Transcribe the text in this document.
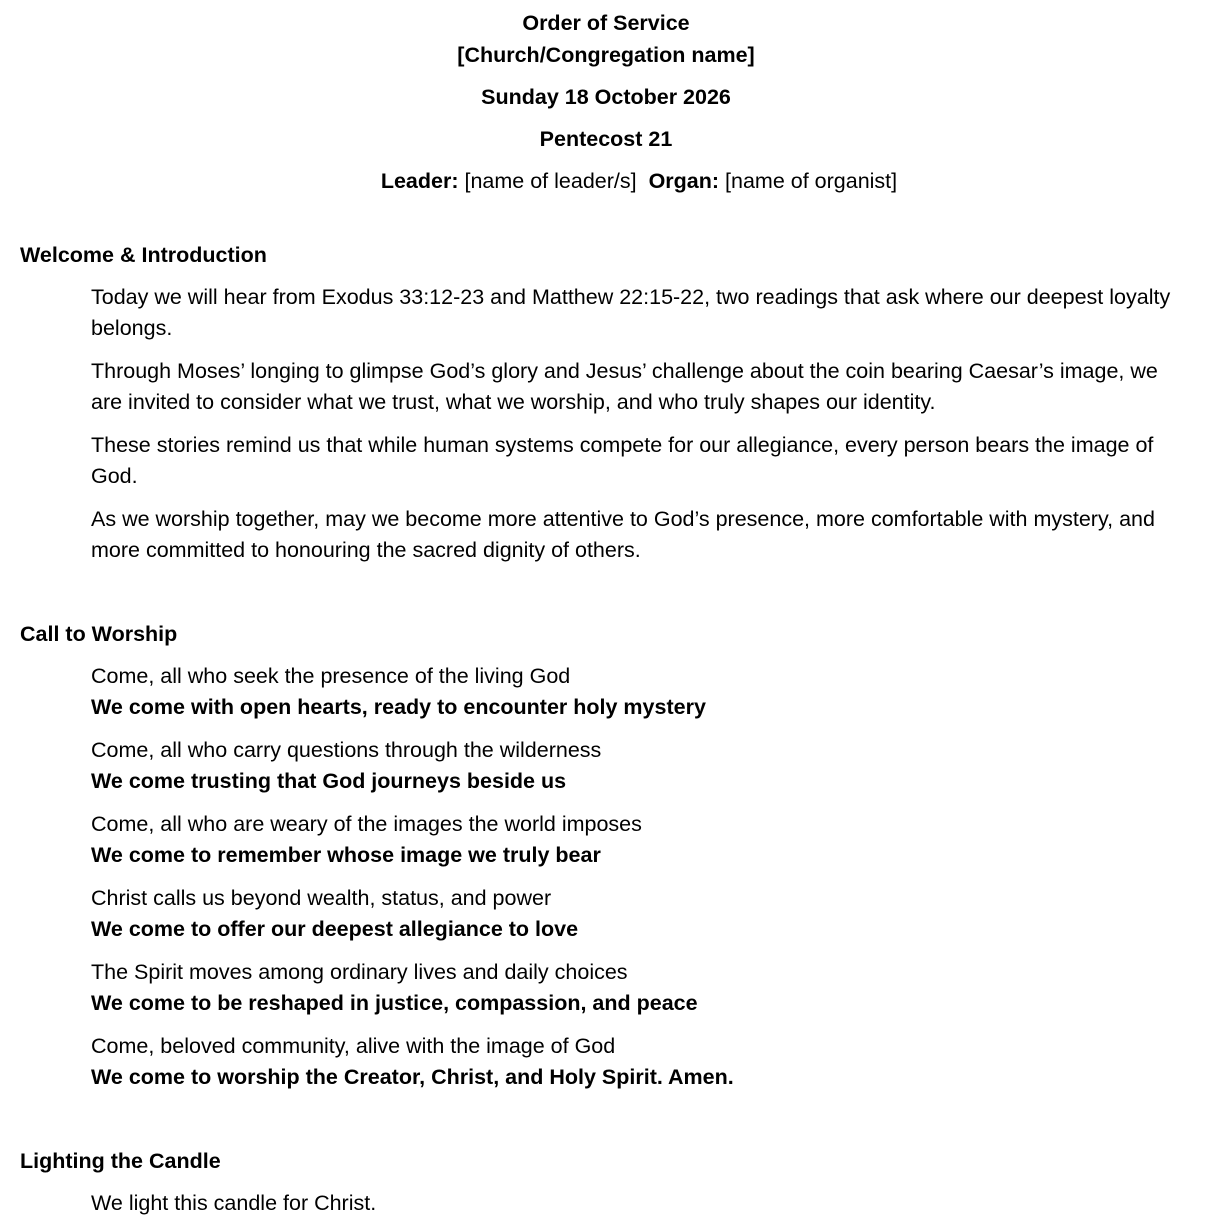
Order of Service
[Church/Congregation name]
Sunday 18 October 2026
Pentecost 21
Leader: [name of leader/s] Organ: [name of organist]
Welcome & Introduction

Today we will hear from Exodus 33:12-23 and Matthew 22:15-22, two readings that ask where our deepest loyalty belongs.

Through Moses’ longing to glimpse God’s glory and Jesus’ challenge about the coin bearing Caesar’s image, we are invited to consider what we trust, what we worship, and who truly shapes our identity.

These stories remind us that while human systems compete for our allegiance, every person bears the image of God.

As we worship together, may we become more attentive to God’s presence, more comfortable with mystery, and more committed to honouring the sacred dignity of others.

Call to Worship
Come, all who seek the presence of the living God
We come with open hearts, ready to encounter holy mystery
Come, all who carry questions through the wilderness
We come trusting that God journeys beside us
Come, all who are weary of the images the world imposes
We come to remember whose image we truly bear
Christ calls us beyond wealth, status, and power
We come to offer our deepest allegiance to love
The Spirit moves among ordinary lives and daily choices
We come to be reshaped in justice, compassion, and peace
Come, beloved community, alive with the image of God
We come to worship the Creator, Christ, and Holy Spirit. Amen.
Lighting the Candle

We light this candle for Christ.
